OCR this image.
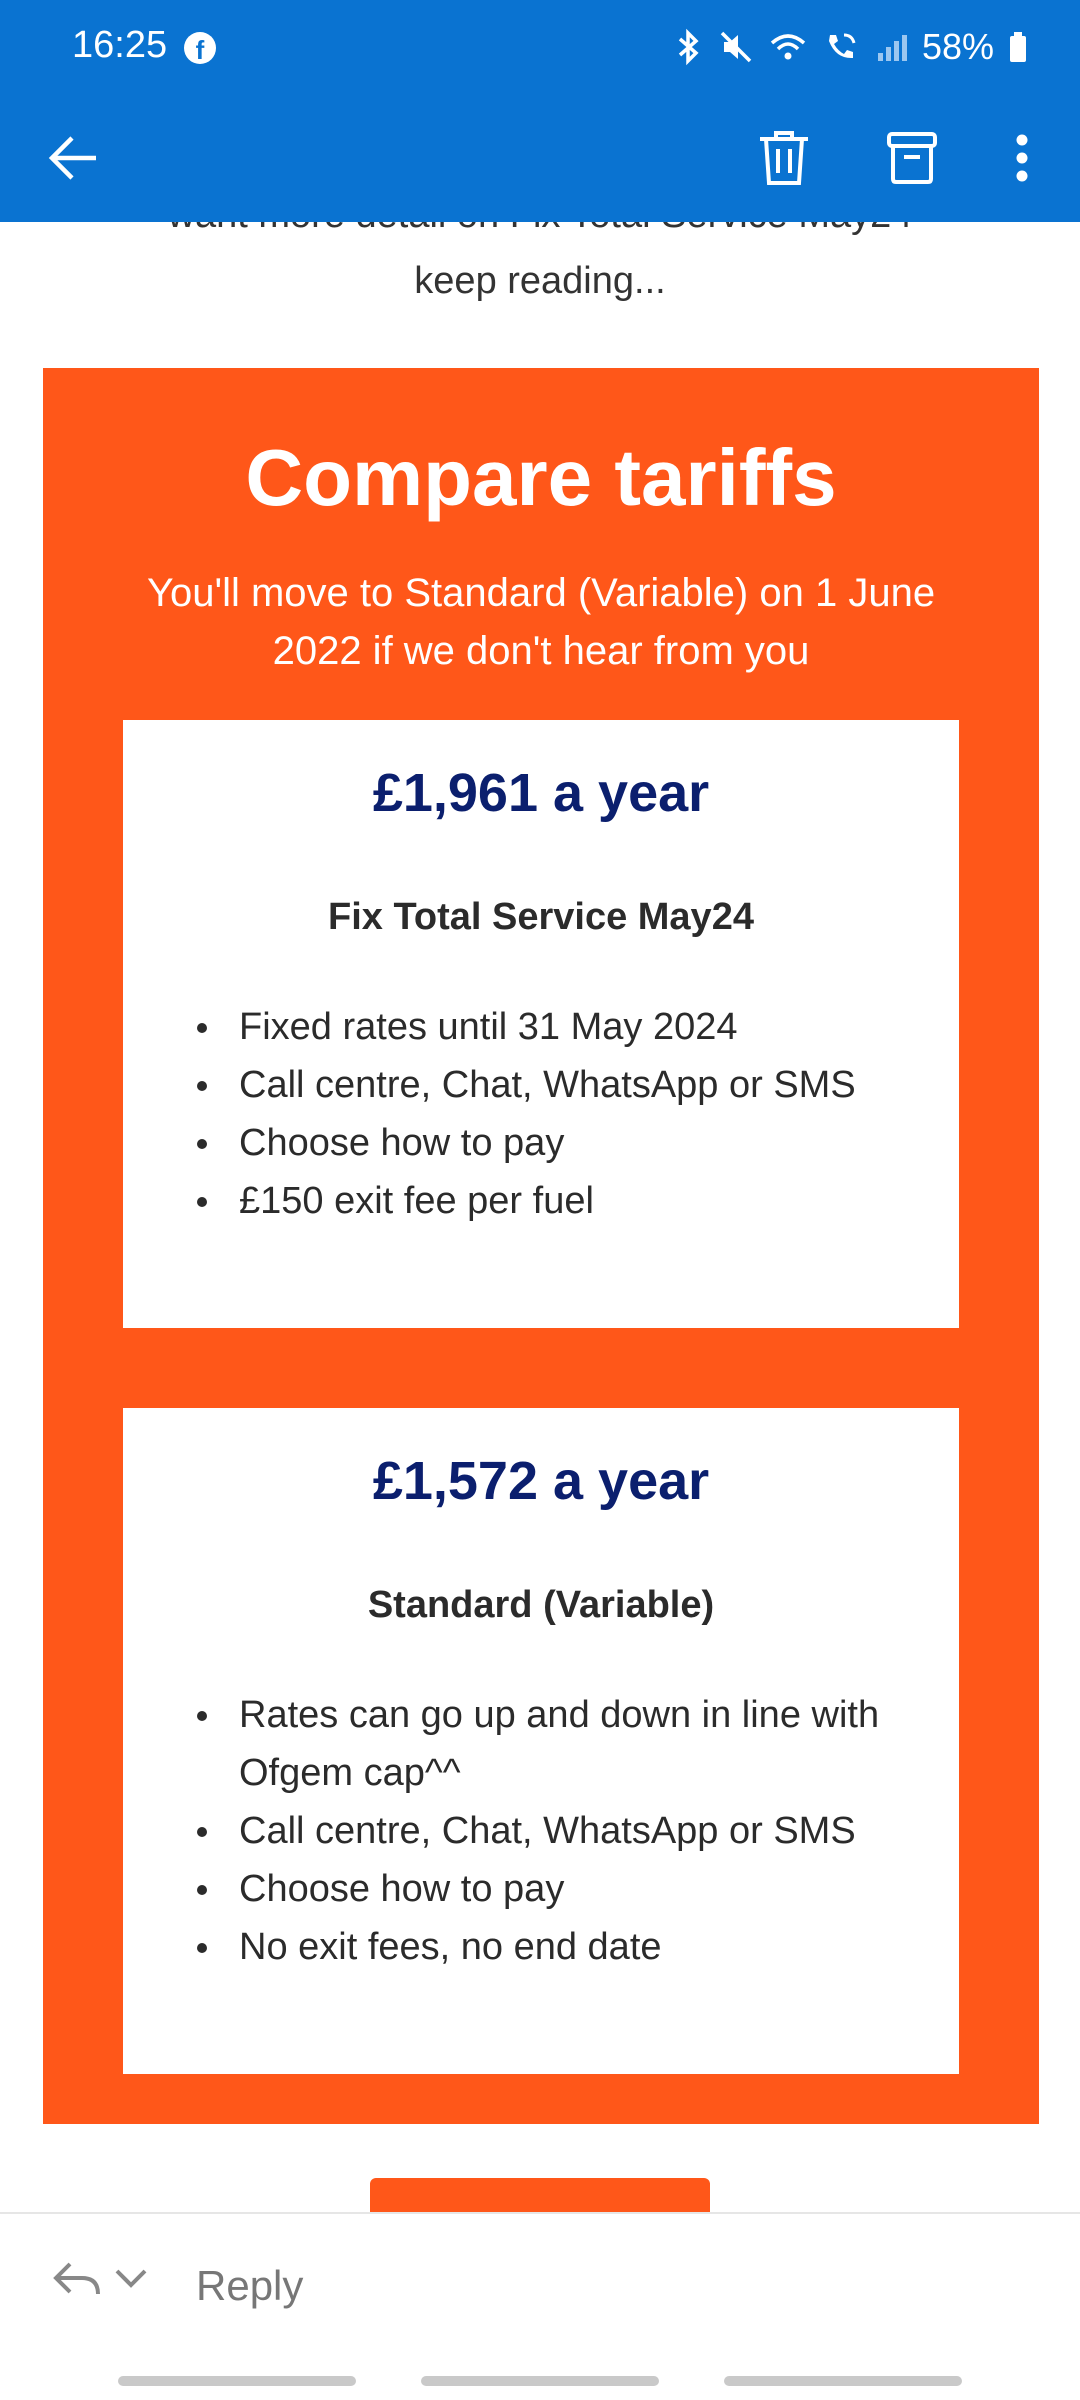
16:25	f	58%
keep reading...
Compare tariffs
You'll move to Standard (Variable) on 1 June 2022 if we don't hear from you
£1,961 a year
Fix Total Service May24
Fixed rates until 31 May 2024
Call centre, Chat, WhatsApp or SMS
Choose how to pay
£150 exit fee per fuel
£1,572 a year
Standard (Variable)
Rates can go up and down in line with Ofgem cap^^
Call centre, Chat, WhatsApp or SMS
Choose how to pay
No exit fees, no end date
Reply
